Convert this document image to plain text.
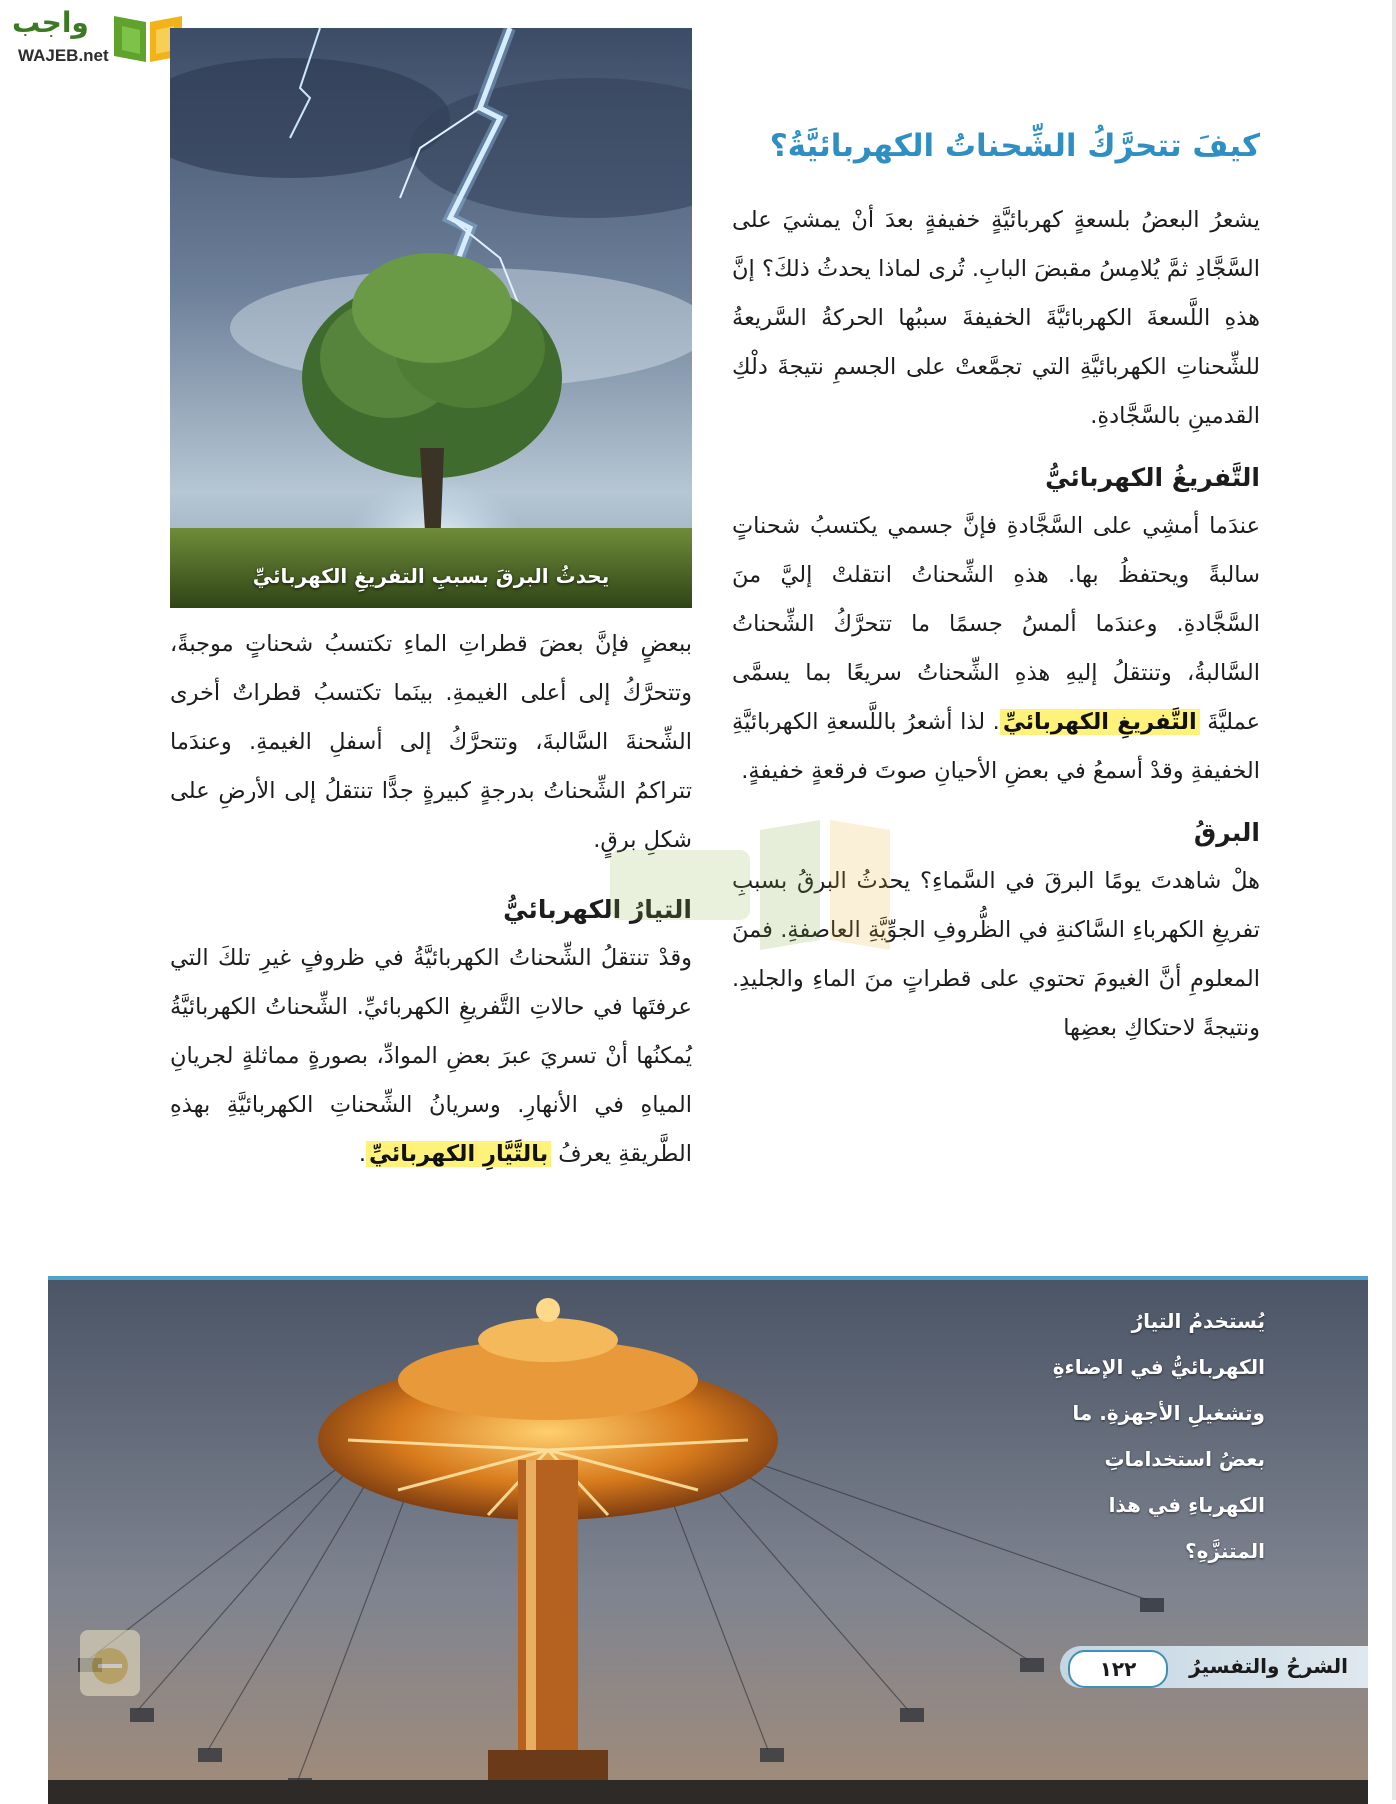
واجب
WAJEB.net
يحدثُ البرقَ بسببِ التفريغِ الكهربائيِّ
كيفَ تتحرَّكُ الشِّحناتُ الكهربائيَّةُ؟

يشعرُ البعضُ بلسعةٍ كهربائيَّةٍ خفيفةٍ بعدَ أنْ يمشيَ على السَّجَّادِ ثمَّ يُلامِسُ مقبضَ البابِ. تُرى لماذا يحدثُ ذلكَ؟ إنَّ هذهِ اللَّسعةَ الكهربائيَّةَ الخفيفةَ سببُها الحركةُ السَّريعةُ للشِّحناتِ الكهربائيَّةِ التي تجمَّعتْ على الجسمِ نتيجةَ دلْكِ القدمينِ بالسَّجَّادةِ.

التَّفريغُ الكهربائيُّ

عندَما أمشِي على السَّجَّادةِ فإنَّ جسمي يكتسبُ شحناتٍ سالبةً ويحتفظُ بها. هذهِ الشِّحناتُ انتقلتْ إليَّ منَ السَّجَّادةِ. وعندَما ألمسُ جسمًا ما تتحرَّكُ الشِّحناتُ السَّالبةُ، وتنتقلُ إليهِ هذهِ الشِّحناتُ سريعًا بما يسمَّى عمليَّةَ التَّفريغِ الكهربائيِّ. لذا أشعرُ باللَّسعةِ الكهربائيَّةِ الخفيفةِ وقدْ أسمعُ في بعضِ الأحيانِ صوتَ فرقعةٍ خفيفةٍ.

البرقُ

هلْ شاهدتَ يومًا البرقَ في السَّماءِ؟ يحدثُ البرقُ بسببِ تفريغِ الكهرباءِ السَّاكنةِ في الظُّروفِ الجوِّيَّةِ العاصفةِ. فمنَ المعلومِ أنَّ الغيومَ تحتوي على قطراتٍ منَ الماءِ والجليدِ. ونتيجةً لاحتكاكِ بعضِها

ببعضٍ فإنَّ بعضَ قطراتِ الماءِ تكتسبُ شحناتٍ موجبةً، وتتحرَّكُ إلى أعلى الغيمةِ. بينَما تكتسبُ قطراتٌ أخرى الشِّحنةَ السَّالبةَ، وتتحرَّكُ إلى أسفلِ الغيمةِ. وعندَما تتراكمُ الشِّحناتُ بدرجةٍ كبيرةٍ جدًّا تنتقلُ إلى الأرضِ على شكلِ برقٍ.

التيارُ الكهربائيُّ

وقدْ تنتقلُ الشِّحناتُ الكهربائيَّةُ في ظروفٍ غيرِ تلكَ التي عرفتَها في حالاتِ التَّفريغِ الكهربائيِّ. الشِّحناتُ الكهربائيَّةُ يُمكنُها أنْ تسريَ عبرَ بعضِ الموادِّ، بصورةٍ مماثلةٍ لجريانِ المياهِ في الأنهارِ. وسريانُ الشِّحناتِ الكهربائيَّةِ بهذهِ الطَّريقةِ يعرفُ بالتَّيَّارِ الكهربائيِّ.

يُستخدمُ التيارُ الكهربائيُّ في الإضاءةِ وتشغيلِ الأجهزةِ. ما بعضُ استخداماتِ الكهرباءِ في هذا المتنزَّهِ؟
الشرحُ والتفسيرُ
١٢٢
